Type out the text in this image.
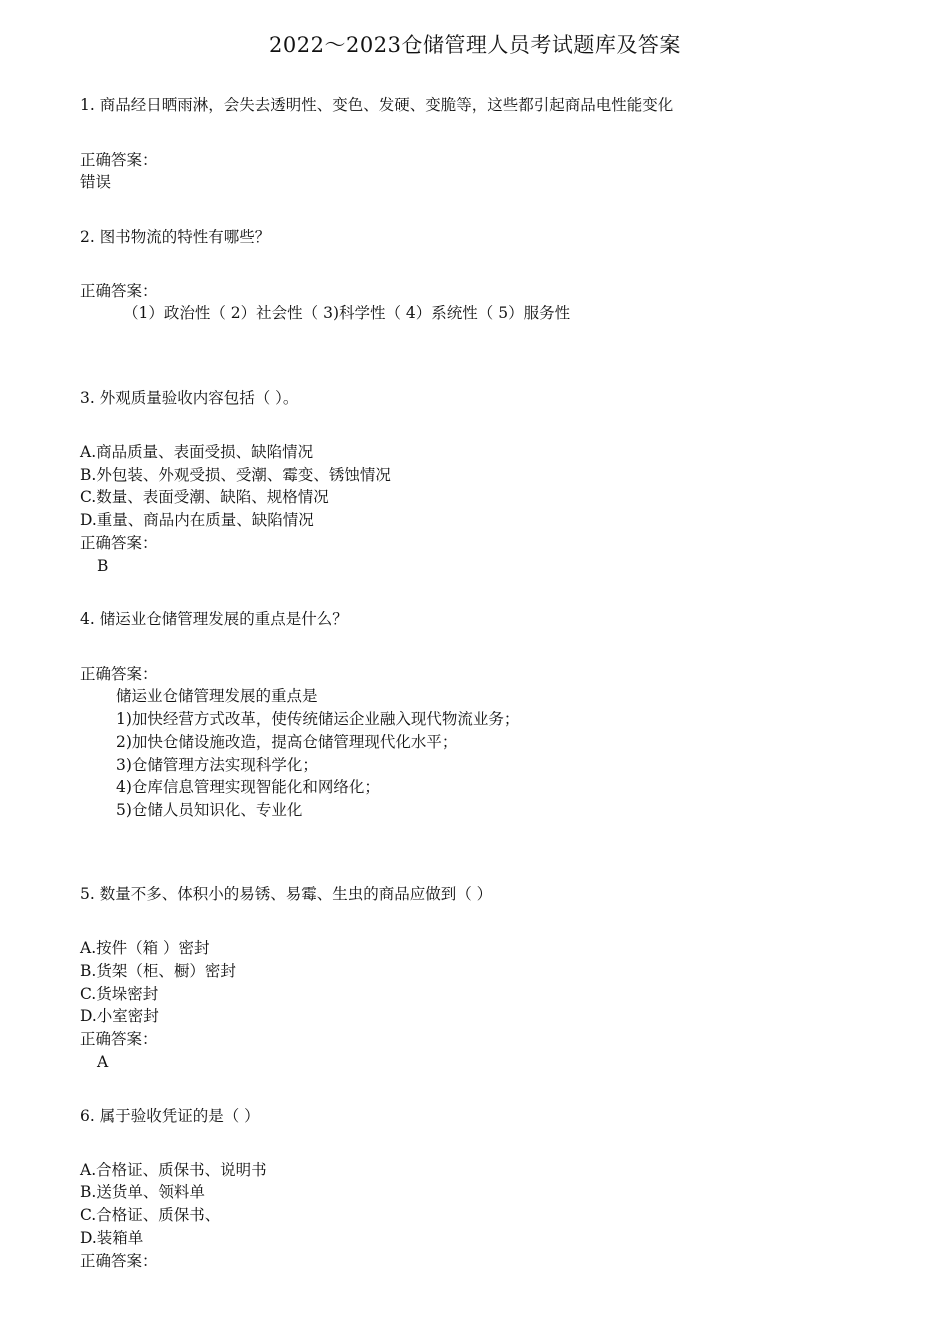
2022～2023仓储管理人员考试题库及答案
1. 商品经日晒雨淋，会失去透明性、变色、发硬、变脆等，这些都引起商品电性能变化
正确答案：
错误
2. 图书物流的特性有哪些？
正确答案：
（1）政治性（ 2）社会性（ 3)科学性（ 4）系统性（ 5）服务性
3. 外观质量验收内容包括（ ）。
A.商品质量、表面受损、缺陷情况
B.外包装、外观受损、受潮、霉变、锈蚀情况
C.数量、表面受潮、缺陷、规格情况
D.重量、商品内在质量、缺陷情况
正确答案：
B
4. 储运业仓储管理发展的重点是什么？
正确答案：
储运业仓储管理发展的重点是
1)加快经营方式改革，使传统储运企业融入现代物流业务；
2)加快仓储设施改造，提高仓储管理现代化水平；
3)仓储管理方法实现科学化；
4)仓库信息管理实现智能化和网络化；
5)仓储人员知识化、专业化
5. 数量不多、体积小的易锈、易霉、生虫的商品应做到（ ）
A.按件（箱 ）密封
B.货架（柜、橱）密封
C.货垛密封
D.小室密封
正确答案：
A
6. 属于验收凭证的是（ ）
A.合格证、质保书、说明书
B.送货单、领料单
C.合格证、质保书、
D.装箱单
正确答案：
